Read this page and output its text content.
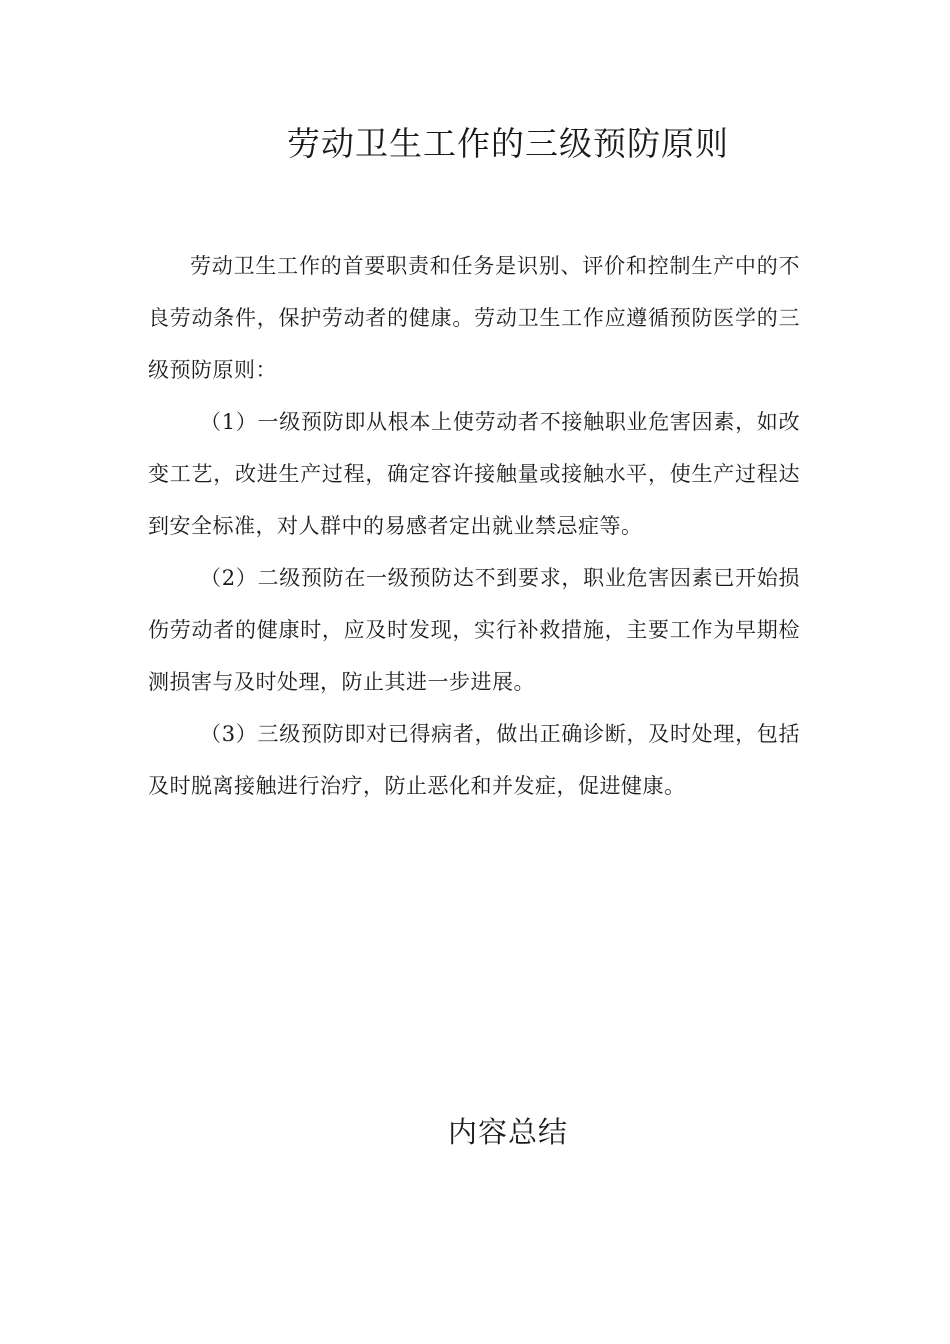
劳动卫生工作的三级预防原则

劳动卫生工作的首要职责和任务是识别、评价和控制生产中的不良劳动条件，保护劳动者的健康。劳动卫生工作应遵循预防医学的三级预防原则：

（1）一级预防即从根本上使劳动者不接触职业危害因素，如改变工艺，改进生产过程，确定容许接触量或接触水平，使生产过程达到安全标准，对人群中的易感者定出就业禁忌症等。

（2）二级预防在一级预防达不到要求，职业危害因素已开始损伤劳动者的健康时，应及时发现，实行补救措施，主要工作为早期检测损害与及时处理，防止其进一步进展。

（3）三级预防即对已得病者，做出正确诊断，及时处理，包括及时脱离接触进行治疗，防止恶化和并发症，促进健康。

内容总结
